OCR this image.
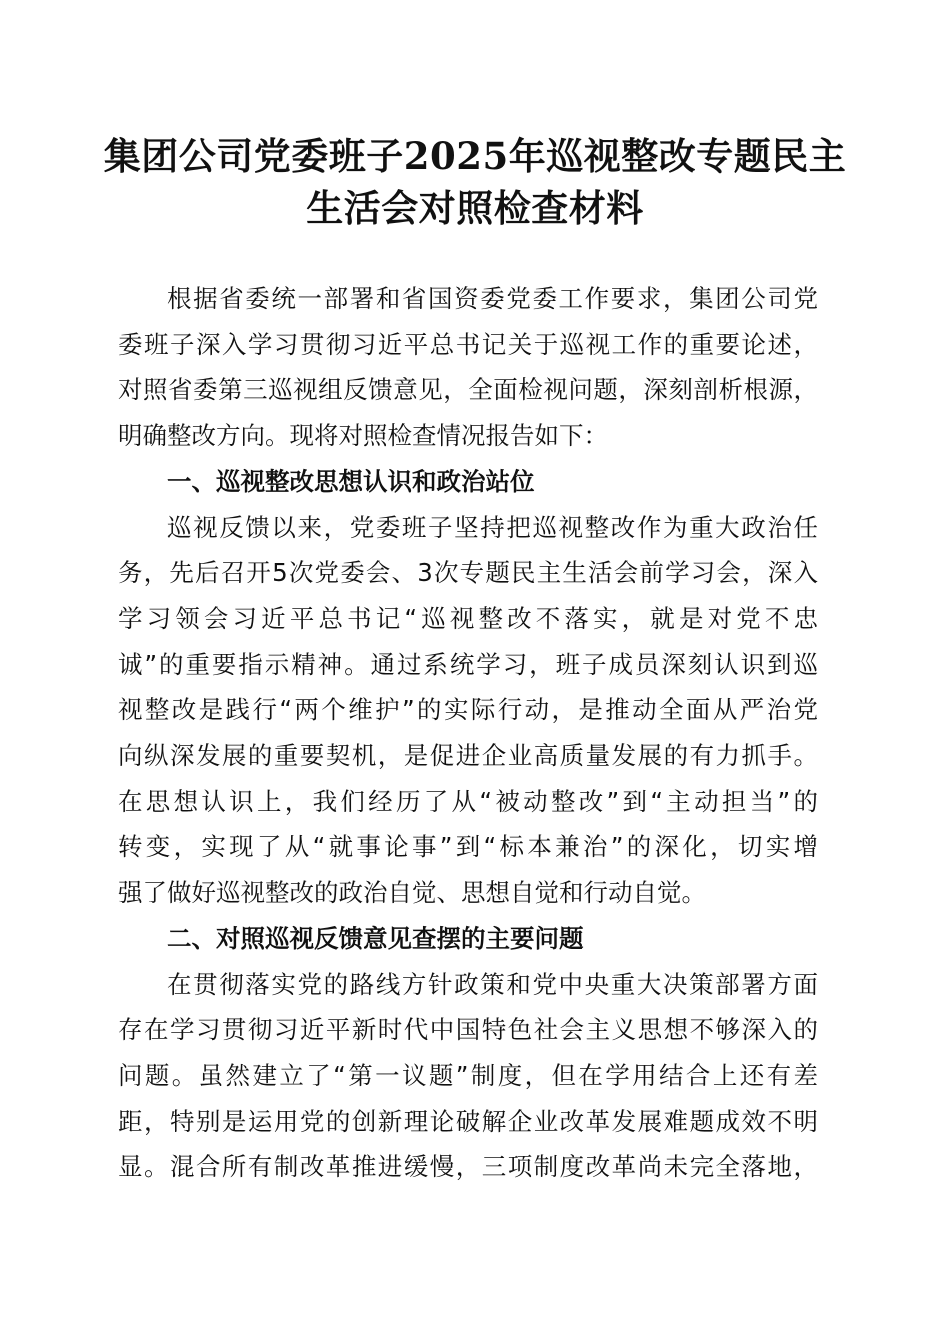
集团公司党委班子2025年巡视整改专题民主
生活会对照检查材料
根据省委统一部署和省国资委党委工作要求，集团公司党
委班子深入学习贯彻习近平总书记关于巡视工作的重要论述，
对照省委第三巡视组反馈意见，全面检视问题，深刻剖析根源，
明确整改方向。现将对照检查情况报告如下：
一、巡视整改思想认识和政治站位
巡视反馈以来，党委班子坚持把巡视整改作为重大政治任
务，先后召开5次党委会、3次专题民主生活会前学习会，深入
学习领会习近平总书记“巡视整改不落实，就是对党不忠
诚”的重要指示精神。通过系统学习，班子成员深刻认识到巡
视整改是践行“两个维护”的实际行动，是推动全面从严治党
向纵深发展的重要契机，是促进企业高质量发展的有力抓手。
在思想认识上，我们经历了从“被动整改”到“主动担当”的
转变，实现了从“就事论事”到“标本兼治”的深化，切实增
强了做好巡视整改的政治自觉、思想自觉和行动自觉。
二、对照巡视反馈意见查摆的主要问题
在贯彻落实党的路线方针政策和党中央重大决策部署方面
存在学习贯彻习近平新时代中国特色社会主义思想不够深入的
问题。虽然建立了“第一议题”制度，但在学用结合上还有差
距，特别是运用党的创新理论破解企业改革发展难题成效不明
显。混合所有制改革推进缓慢，三项制度改革尚未完全落地，
